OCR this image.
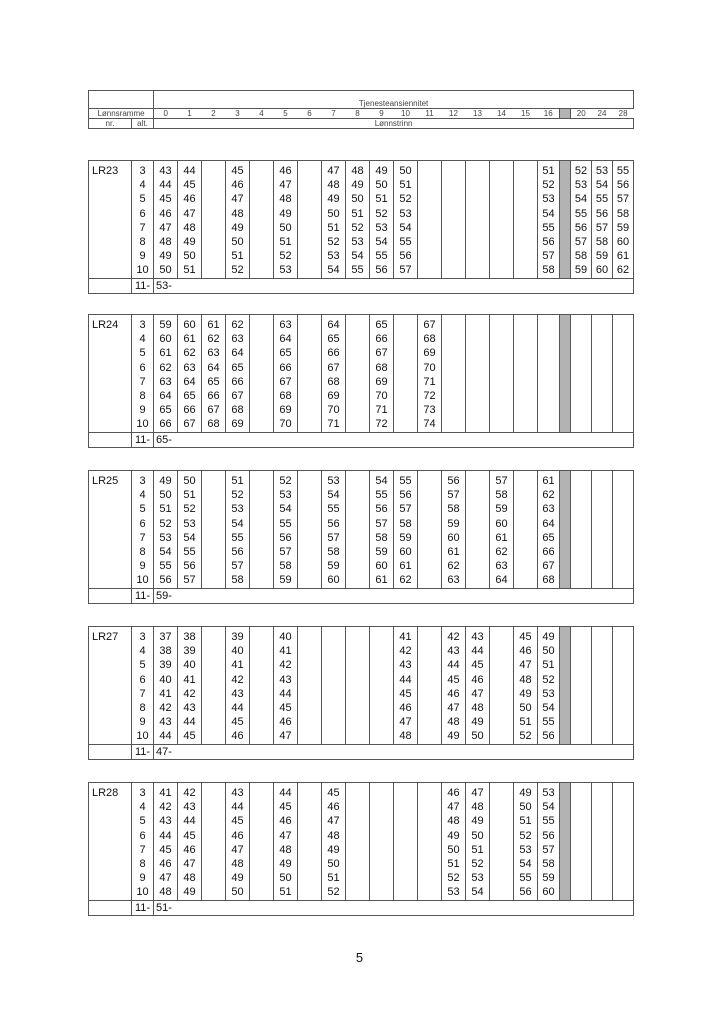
		Tjenesteansiennitet																				
Lønnsramme		0	1	2	3	4	5	6	7	8	9	10	11	12	13	14	15	16		20	24	28
nr.	alt.	Lønnstrinn																				
LR23	3	43	44		45		46		47	48	49	50						51		52	53	55
	4	44	45		46		47		48	49	50	51						52		53	54	56
	5	45	46		47		48		49	50	51	52						53		54	55	57
	6	46	47		48		49		50	51	52	53						54		55	56	58
	7	47	48		49		50		51	52	53	54						55		56	57	59
	8	48	49		50		51		52	53	54	55						56		57	58	60
	9	49	50		51		52		53	54	55	56						57		58	59	61
	10	50	51		52		53		54	55	56	57						58		59	60	62
	11-	53-																				
LR24	3	59	60	61	62		63		64		65		67									
	4	60	61	62	63		64		65		66		68									
	5	61	62	63	64		65		66		67		69									
	6	62	63	64	65		66		67		68		70									
	7	63	64	65	66		67		68		69		71									
	8	64	65	66	67		68		69		70		72									
	9	65	66	67	68		69		70		71		73									
	10	66	67	68	69		70		71		72		74									
	11-	65-																				
LR25	3	49	50		51		52		53		54	55		56		57		61				
	4	50	51		52		53		54		55	56		57		58		62				
	5	51	52		53		54		55		56	57		58		59		63				
	6	52	53		54		55		56		57	58		59		60		64				
	7	53	54		55		56		57		58	59		60		61		65				
	8	54	55		56		57		58		59	60		61		62		66				
	9	55	56		57		58		59		60	61		62		63		67				
	10	56	57		58		59		60		61	62		63		64		68				
	11-	59-																				
LR27	3	37	38		39		40					41		42	43		45	49				
	4	38	39		40		41					42		43	44		46	50				
	5	39	40		41		42					43		44	45		47	51				
	6	40	41		42		43					44		45	46		48	52				
	7	41	42		43		44					45		46	47		49	53				
	8	42	43		44		45					46		47	48		50	54				
	9	43	44		45		46					47		48	49		51	55				
	10	44	45		46		47					48		49	50		52	56				
	11-	47-																				
LR28	3	41	42		43		44		45					46	47		49	53				
	4	42	43		44		45		46					47	48		50	54				
	5	43	44		45		46		47					48	49		51	55				
	6	44	45		46		47		48					49	50		52	56				
	7	45	46		47		48		49					50	51		53	57				
	8	46	47		48		49		50					51	52		54	58				
	9	47	48		49		50		51					52	53		55	59				
	10	48	49		50		51		52					53	54		56	60				
	11-	51-																				
5
